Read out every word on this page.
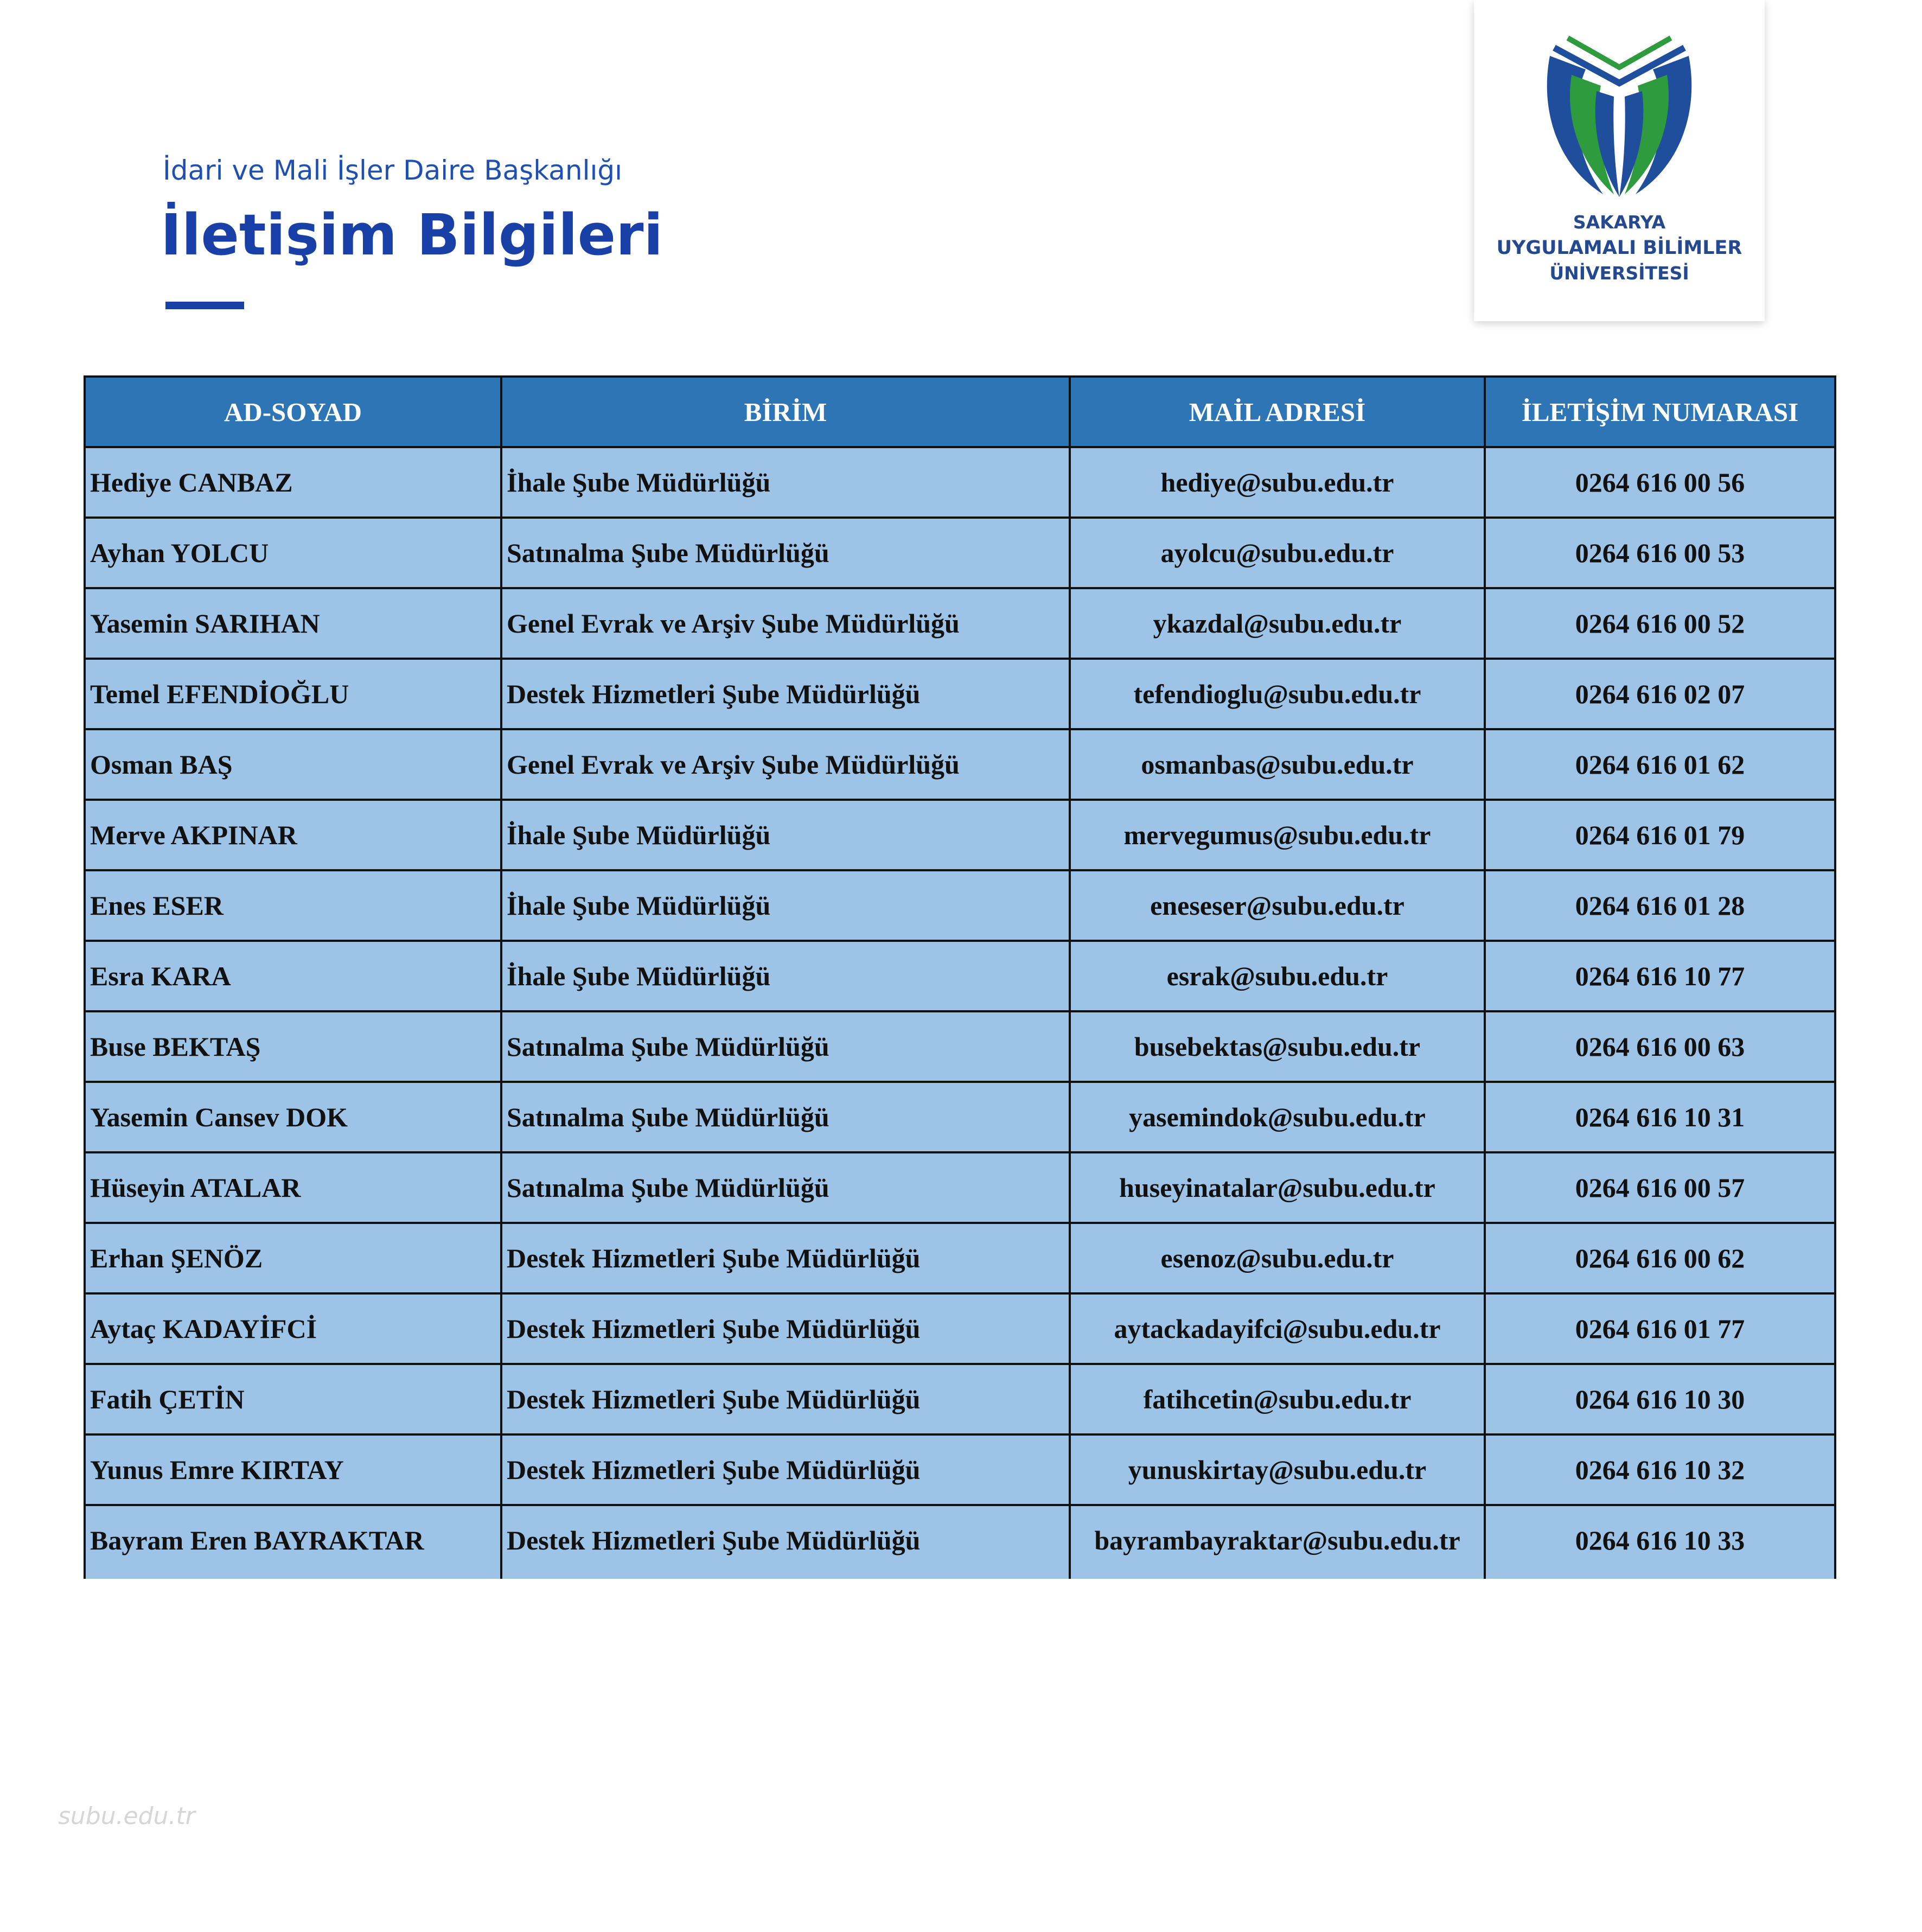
İdari ve Mali İşler Daire Başkanlığı
İletişim Bilgileri	SAKARYA
UYGULAMALI BİLİMLER
ÜNİVERSİTESİ
AD-SOYAD	BİRİM	MAİL ADRESİ	İLETİŞİM NUMARASI
Hediye CANBAZ	İhale Şube Müdürlüğü	hediye@subu.edu.tr	0264 616 00 56
Ayhan YOLCU	Satınalma Şube Müdürlüğü	ayolcu@subu.edu.tr	0264 616 00 53
Yasemin SARIHAN	Genel Evrak ve Arşiv Şube Müdürlüğü	ykazdal@subu.edu.tr	0264 616 00 52
Temel EFENDİOĞLU	Destek Hizmetleri Şube Müdürlüğü	tefendioglu@subu.edu.tr	0264 616 02 07
Osman BAŞ	Genel Evrak ve Arşiv Şube Müdürlüğü	osmanbas@subu.edu.tr	0264 616 01 62
Merve AKPINAR	İhale Şube Müdürlüğü	mervegumus@subu.edu.tr	0264 616 01 79
Enes ESER	İhale Şube Müdürlüğü	eneseser@subu.edu.tr	0264 616 01 28
Esra KARA	İhale Şube Müdürlüğü	esrak@subu.edu.tr	0264 616 10 77
Buse BEKTAŞ	Satınalma Şube Müdürlüğü	busebektas@subu.edu.tr	0264 616 00 63
Yasemin Cansev DOK	Satınalma Şube Müdürlüğü	yasemindok@subu.edu.tr	0264 616 10 31
Hüseyin ATALAR	Satınalma Şube Müdürlüğü	huseyinatalar@subu.edu.tr	0264 616 00 57
Erhan ŞENÖZ	Destek Hizmetleri Şube Müdürlüğü	esenoz@subu.edu.tr	0264 616 00 62
Aytaç KADAYİFCİ	Destek Hizmetleri Şube Müdürlüğü	aytackadayifci@subu.edu.tr	0264 616 01 77
Fatih ÇETİN	Destek Hizmetleri Şube Müdürlüğü	fatihcetin@subu.edu.tr	0264 616 10 30
Yunus Emre KIRTAY	Destek Hizmetleri Şube Müdürlüğü	yunuskirtay@subu.edu.tr	0264 616 10 32
Bayram Eren BAYRAKTAR	Destek Hizmetleri Şube Müdürlüğü	bayrambayraktar@subu.edu.tr	0264 616 10 33
subu.edu.tr
